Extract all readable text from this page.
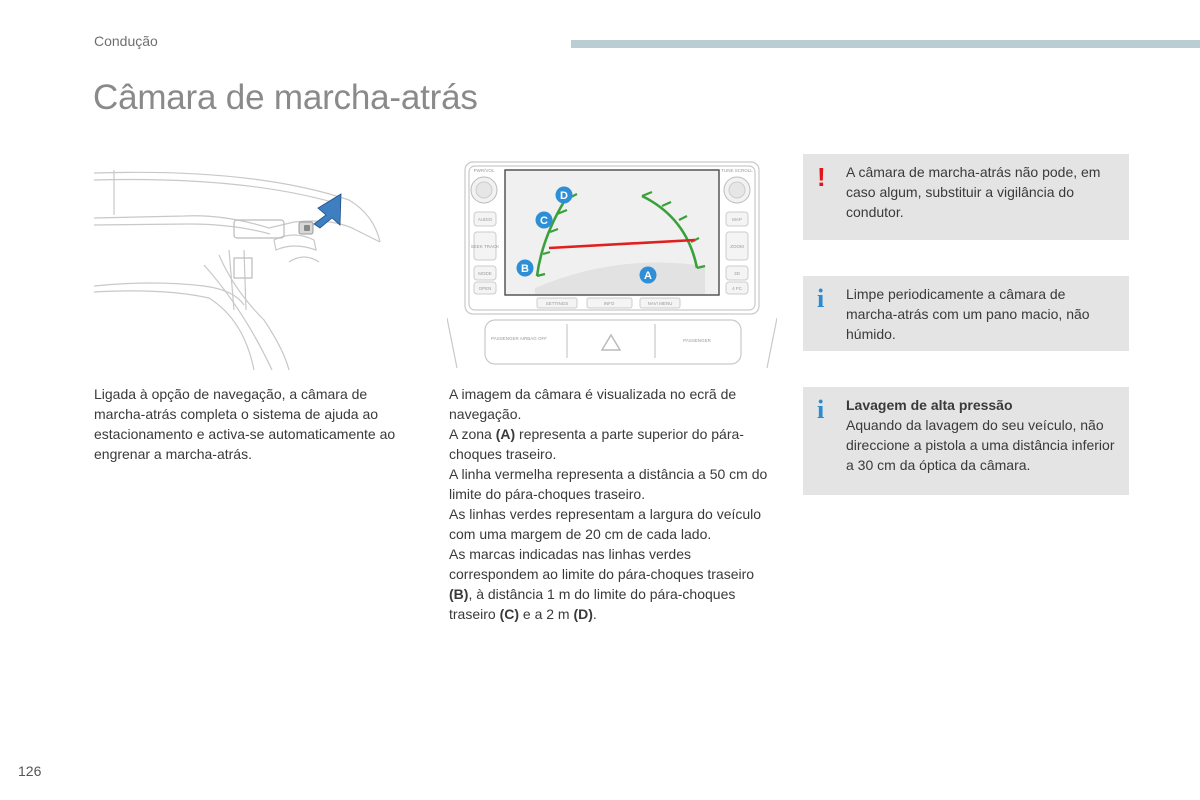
Condução
Câmara de marcha-atrás
D
C
B
A
PWR/VOL
AUDIO
SEEK TRACK
MODE
OPEN
TUNE SCROLL
MAP
ZOOM
3D
4 FC
SETTINGS	INFO	NAVI MENU
PASSENGER AIRBAG OFF	PASSENGER

Ligada à opção de navegação, a câmara de marcha-atrás completa o sistema de ajuda ao estacionamento e activa-se automaticamente ao engrenar a marcha-atrás.

A imagem da câmara é visualizada no ecrã de navegação.

A zona (A) representa a parte superior do pára-choques traseiro.

A linha vermelha representa a distância a 50 cm do limite do pára-choques traseiro.

As linhas verdes representam a largura do veículo com uma margem de 20 cm de cada lado.

As marcas indicadas nas linhas verdes correspondem ao limite do pára-choques traseiro (B), à distância 1 m do limite do pára-choques traseiro (C) e a 2 m (D).

! A câmara de marcha-atrás não pode, em caso algum, substituir a vigilância do condutor.
i Limpe periodicamente a câmara de marcha-atrás com um pano macio, não húmido.
i Lavagem de alta pressão
Aquando da lavagem do seu veículo, não direccione a pistola a uma distância inferior a 30 cm da óptica da câmara.
126
